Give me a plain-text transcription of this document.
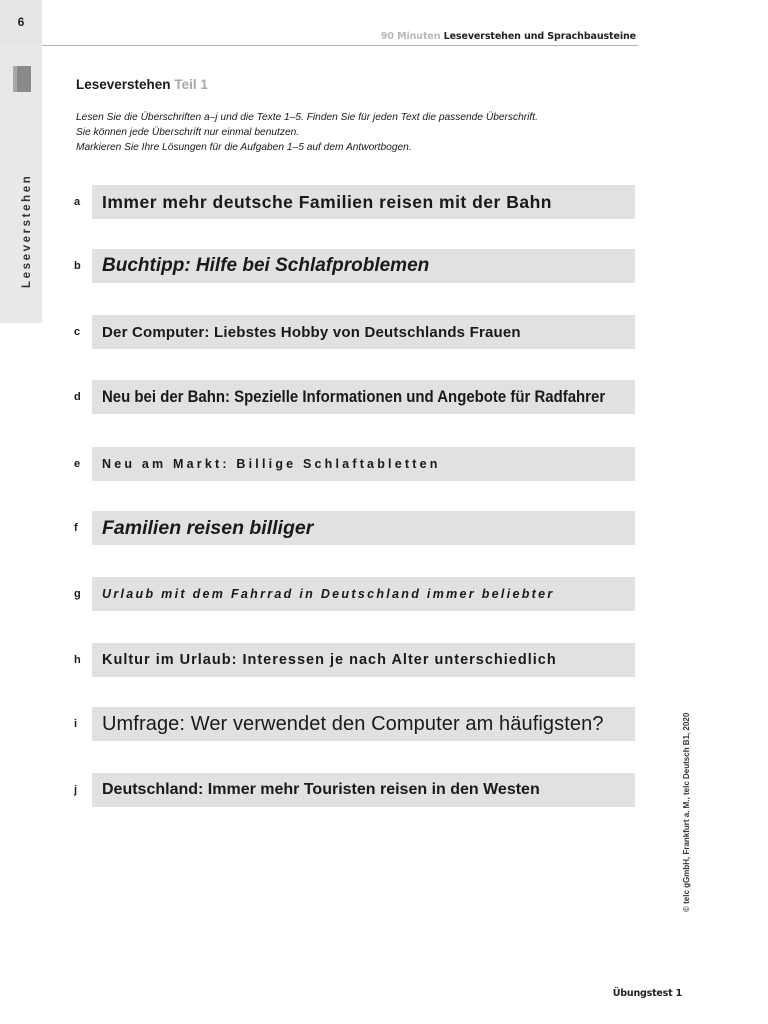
6
90 Minuten Leseverstehen und Sprachbausteine
Leseverstehen
Leseverstehen Teil 1

Lesen Sie die Überschriften a–j und die Texte 1–5. Finden Sie für jeden Text die passende Überschrift.

Sie können jede Überschrift nur einmal benutzen.

Markieren Sie Ihre Lösungen für die Aufgaben 1–5 auf dem Antwortbogen.

a	Immer mehr deutsche Familien reisen mit der Bahn
b Buchtipp: Hilfe bei Schlafproblemen
c	Der Computer: Liebstes Hobby von Deutschlands Frauen
d	Neu bei der Bahn: Spezielle Informationen und Angebote für Radfahrer
e	Neu am Markt: Billige Schlaftabletten
f	Familien reisen billiger
g	Urlaub mit dem Fahrrad in Deutschland immer beliebter
h	Kultur im Urlaub: Interessen je nach Alter unterschiedlich
i	Umfrage: Wer verwendet den Computer am häufigsten?
j	Deutschland: Immer mehr Touristen reisen in den Westen	© telc gGmbH, Frankfurt a. M., telc Deutsch B1, 2020
Übungstest 1
